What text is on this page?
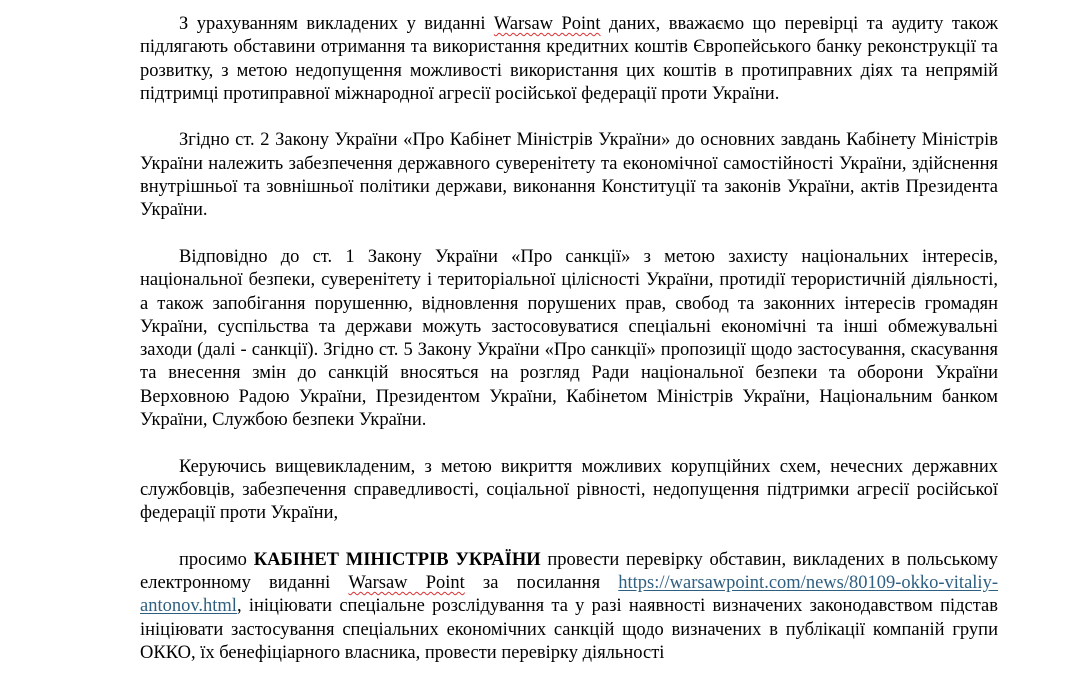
З урахуванням викладених у виданні Warsaw Point даних, вважаємо що перевірці та аудиту також підлягають обставини отримання та використання кредитних коштів Європейського банку реконструкції та розвитку, з метою недопущення можливості використання цих коштів в протиправних діях та непрямій підтримці протиправної міжнародної агресії російської федерації проти України.

Згідно ст. 2 Закону України «Про Кабінет Міністрів України» до основних завдань Кабінету Міністрів України належить забезпечення державного суверенітету та економічної самостійності України, здійснення внутрішньої та зовнішньої політики держави, виконання Конституції та законів України, актів Президента України.

Відповідно до ст. 1 Закону України «Про санкції» з метою захисту національних інтересів, національної безпеки, суверенітету і територіальної цілісності України, протидії терористичній діяльності, а також запобігання порушенню, відновлення порушених прав, свобод та законних інтересів громадян України, суспільства та держави можуть застосовуватися спеціальні економічні та інші обмежувальні заходи (далі - санкції). Згідно ст. 5 Закону України «Про санкції» пропозиції щодо застосування, скасування та внесення змін до санкцій вносяться на розгляд Ради національної безпеки та оборони України Верховною Радою України, Президентом України, Кабінетом Міністрів України, Національним банком України, Службою безпеки України.

Керуючись вищевикладеним, з метою викриття можливих корупційних схем, нечесних державних службовців, забезпечення справедливості, соціальної рівності, недопущення підтримки агресії російської федерації проти України,

просимо КАБІНЕТ МІНІСТРІВ УКРАЇНИ провести перевірку обставин, викладених в польському електронному виданні Warsaw Point за посилання https://warsawpoint.com/news/80109-okko-vitaliy-antonov.html, ініціювати спеціальне розслідування та у разі наявності визначених законодавством підстав ініціювати застосування спеціальних економічних санкцій щодо визначених в публікації компаній групи ОККО, їх бенефіціарного власника, провести перевірку діяльності
